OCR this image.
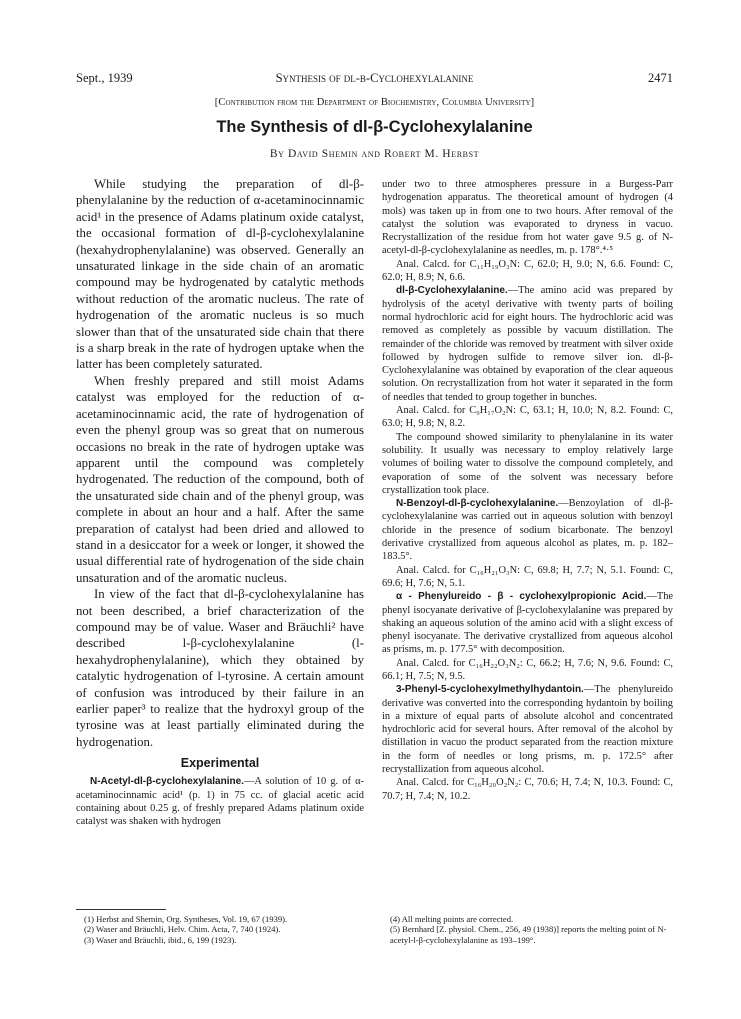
Sept., 1939	Synthesis of dl-β-Cyclohexylalanine	2471
[Contribution from the Department of Biochemistry, Columbia University]
The Synthesis of dl-β-Cyclohexylalanine
By David Shemin and Robert M. Herbst

While studying the preparation of dl-β-phenylalanine by the reduction of α-acetaminocinnamic acid¹ in the presence of Adams platinum oxide catalyst, the occasional formation of dl-β-cyclohexylalanine (hexahydrophenylalanine) was observed. Generally an unsaturated linkage in the side chain of an aromatic compound may be hydrogenated by catalytic methods without reduction of the aromatic nucleus. The rate of hydrogenation of the aromatic nucleus is so much slower than that of the unsaturated side chain that there is a sharp break in the rate of hydrogen uptake when the latter has been completely saturated.

When freshly prepared and still moist Adams catalyst was employed for the reduction of α-acetaminocinnamic acid, the rate of hydrogenation of even the phenyl group was so great that on numerous occasions no break in the rate of hydrogen uptake was apparent until the compound was completely hydrogenated. The reduction of the compound, both of the unsaturated side chain and of the phenyl group, was complete in about an hour and a half. After the same preparation of catalyst had been dried and allowed to stand in a desiccator for a week or longer, it showed the usual differential rate of hydrogenation of the side chain unsaturation and of the aromatic nucleus.

In view of the fact that dl-β-cyclohexylalanine has not been described, a brief characterization of the compound may be of value. Waser and Bräuchli² have described l-β-cyclohexylalanine (l-hexahydrophenylalanine), which they obtained by catalytic hydrogenation of l-tyrosine. A certain amount of confusion was introduced by their failure in an earlier paper³ to realize that the hydroxyl group of the tyrosine was at least partially eliminated during the hydrogenation.

Experimental

N-Acetyl-dl-β-cyclohexylalanine.—A solution of 10 g. of α-acetaminocinnamic acid¹ (p. 1) in 75 cc. of glacial acetic acid containing about 0.25 g. of freshly prepared Adams platinum oxide catalyst was shaken with hydrogen

under two to three atmospheres pressure in a Burgess-Parr hydrogenation apparatus. The theoretical amount of hydrogen (4 mols) was taken up in from one to two hours. After removal of the catalyst the solution was evaporated to dryness in vacuo. Recrystallization of the residue from hot water gave 9.5 g. of N-acetyl-dl-β-cyclohexylalanine as needles, m. p. 178°.⁴·⁵

Anal. Calcd. for C₁₁H₁₉O₃N: C, 62.0; H, 9.0; N, 6.6. Found: C, 62.0; H, 8.9; N, 6.6.

dl-β-Cyclohexylalanine.—The amino acid was prepared by hydrolysis of the acetyl derivative with twenty parts of boiling normal hydrochloric acid for eight hours. The hydrochloric acid was removed as completely as possible by vacuum distillation. The remainder of the chloride was removed by treatment with silver oxide followed by hydrogen sulfide to remove silver ion. dl-β-Cyclohexylalanine was obtained by evaporation of the clear aqueous solution. On recrystallization from hot water it separated in the form of needles that tended to group together in bunches.

Anal. Calcd. for C₉H₁₇O₂N: C, 63.1; H, 10.0; N, 8.2. Found: C, 63.0; H, 9.8; N, 8.2.

The compound showed similarity to phenylalanine in its water solubility. It usually was necessary to employ relatively large volumes of boiling water to dissolve the compound completely, and evaporation of some of the solvent was necessary before crystallization took place.

N-Benzoyl-dl-β-cyclohexylalanine.—Benzoylation of dl-β-cyclohexylalanine was carried out in aqueous solution with benzoyl chloride in the presence of sodium bicarbonate. The benzoyl derivative crystallized from aqueous alcohol as plates, m. p. 182–183.5°.

Anal. Calcd. for C₁₆H₂₁O₃N: C, 69.8; H, 7.7; N, 5.1. Found: C, 69.6; H, 7.6; N, 5.1.

α - Phenylureido - β - cyclohexylpropionic Acid.—The phenyl isocyanate derivative of β-cyclohexylalanine was prepared by shaking an aqueous solution of the amino acid with a slight excess of phenyl isocyanate. The derivative crystallized from aqueous alcohol as prisms, m. p. 177.5° with decomposition.

Anal. Calcd. for C₁₆H₂₂O₃N₂: C, 66.2; H, 7.6; N, 9.6. Found: C, 66.1; H, 7.5; N, 9.5.

3-Phenyl-5-cyclohexylmethylhydantoin.—The phenylureido derivative was converted into the corresponding hydantoin by boiling in a mixture of equal parts of absolute alcohol and concentrated hydrochloric acid for several hours. After removal of the alcohol by distillation in vacuo the product separated from the reaction mixture in the form of needles or long prisms, m. p. 172.5° after recrystallization from aqueous alcohol.

Anal. Calcd. for C₁₆H₂₀O₂N₂: C, 70.6; H, 7.4; N, 10.3. Found: C, 70.7; H, 7.4; N, 10.2.

(1) Herbst and Shemin, Org. Syntheses, Vol. 19, 67 (1939).

(2) Waser and Bräuchli, Helv. Chim. Acta, 7, 740 (1924).

(3) Waser and Bräuchli, ibid., 6, 199 (1923).

(4) All melting points are corrected.

(5) Bernhard [Z. physiol. Chem., 256, 49 (1938)] reports the melting point of N-acetyl-l-β-cyclohexylalanine as 193–199°.
